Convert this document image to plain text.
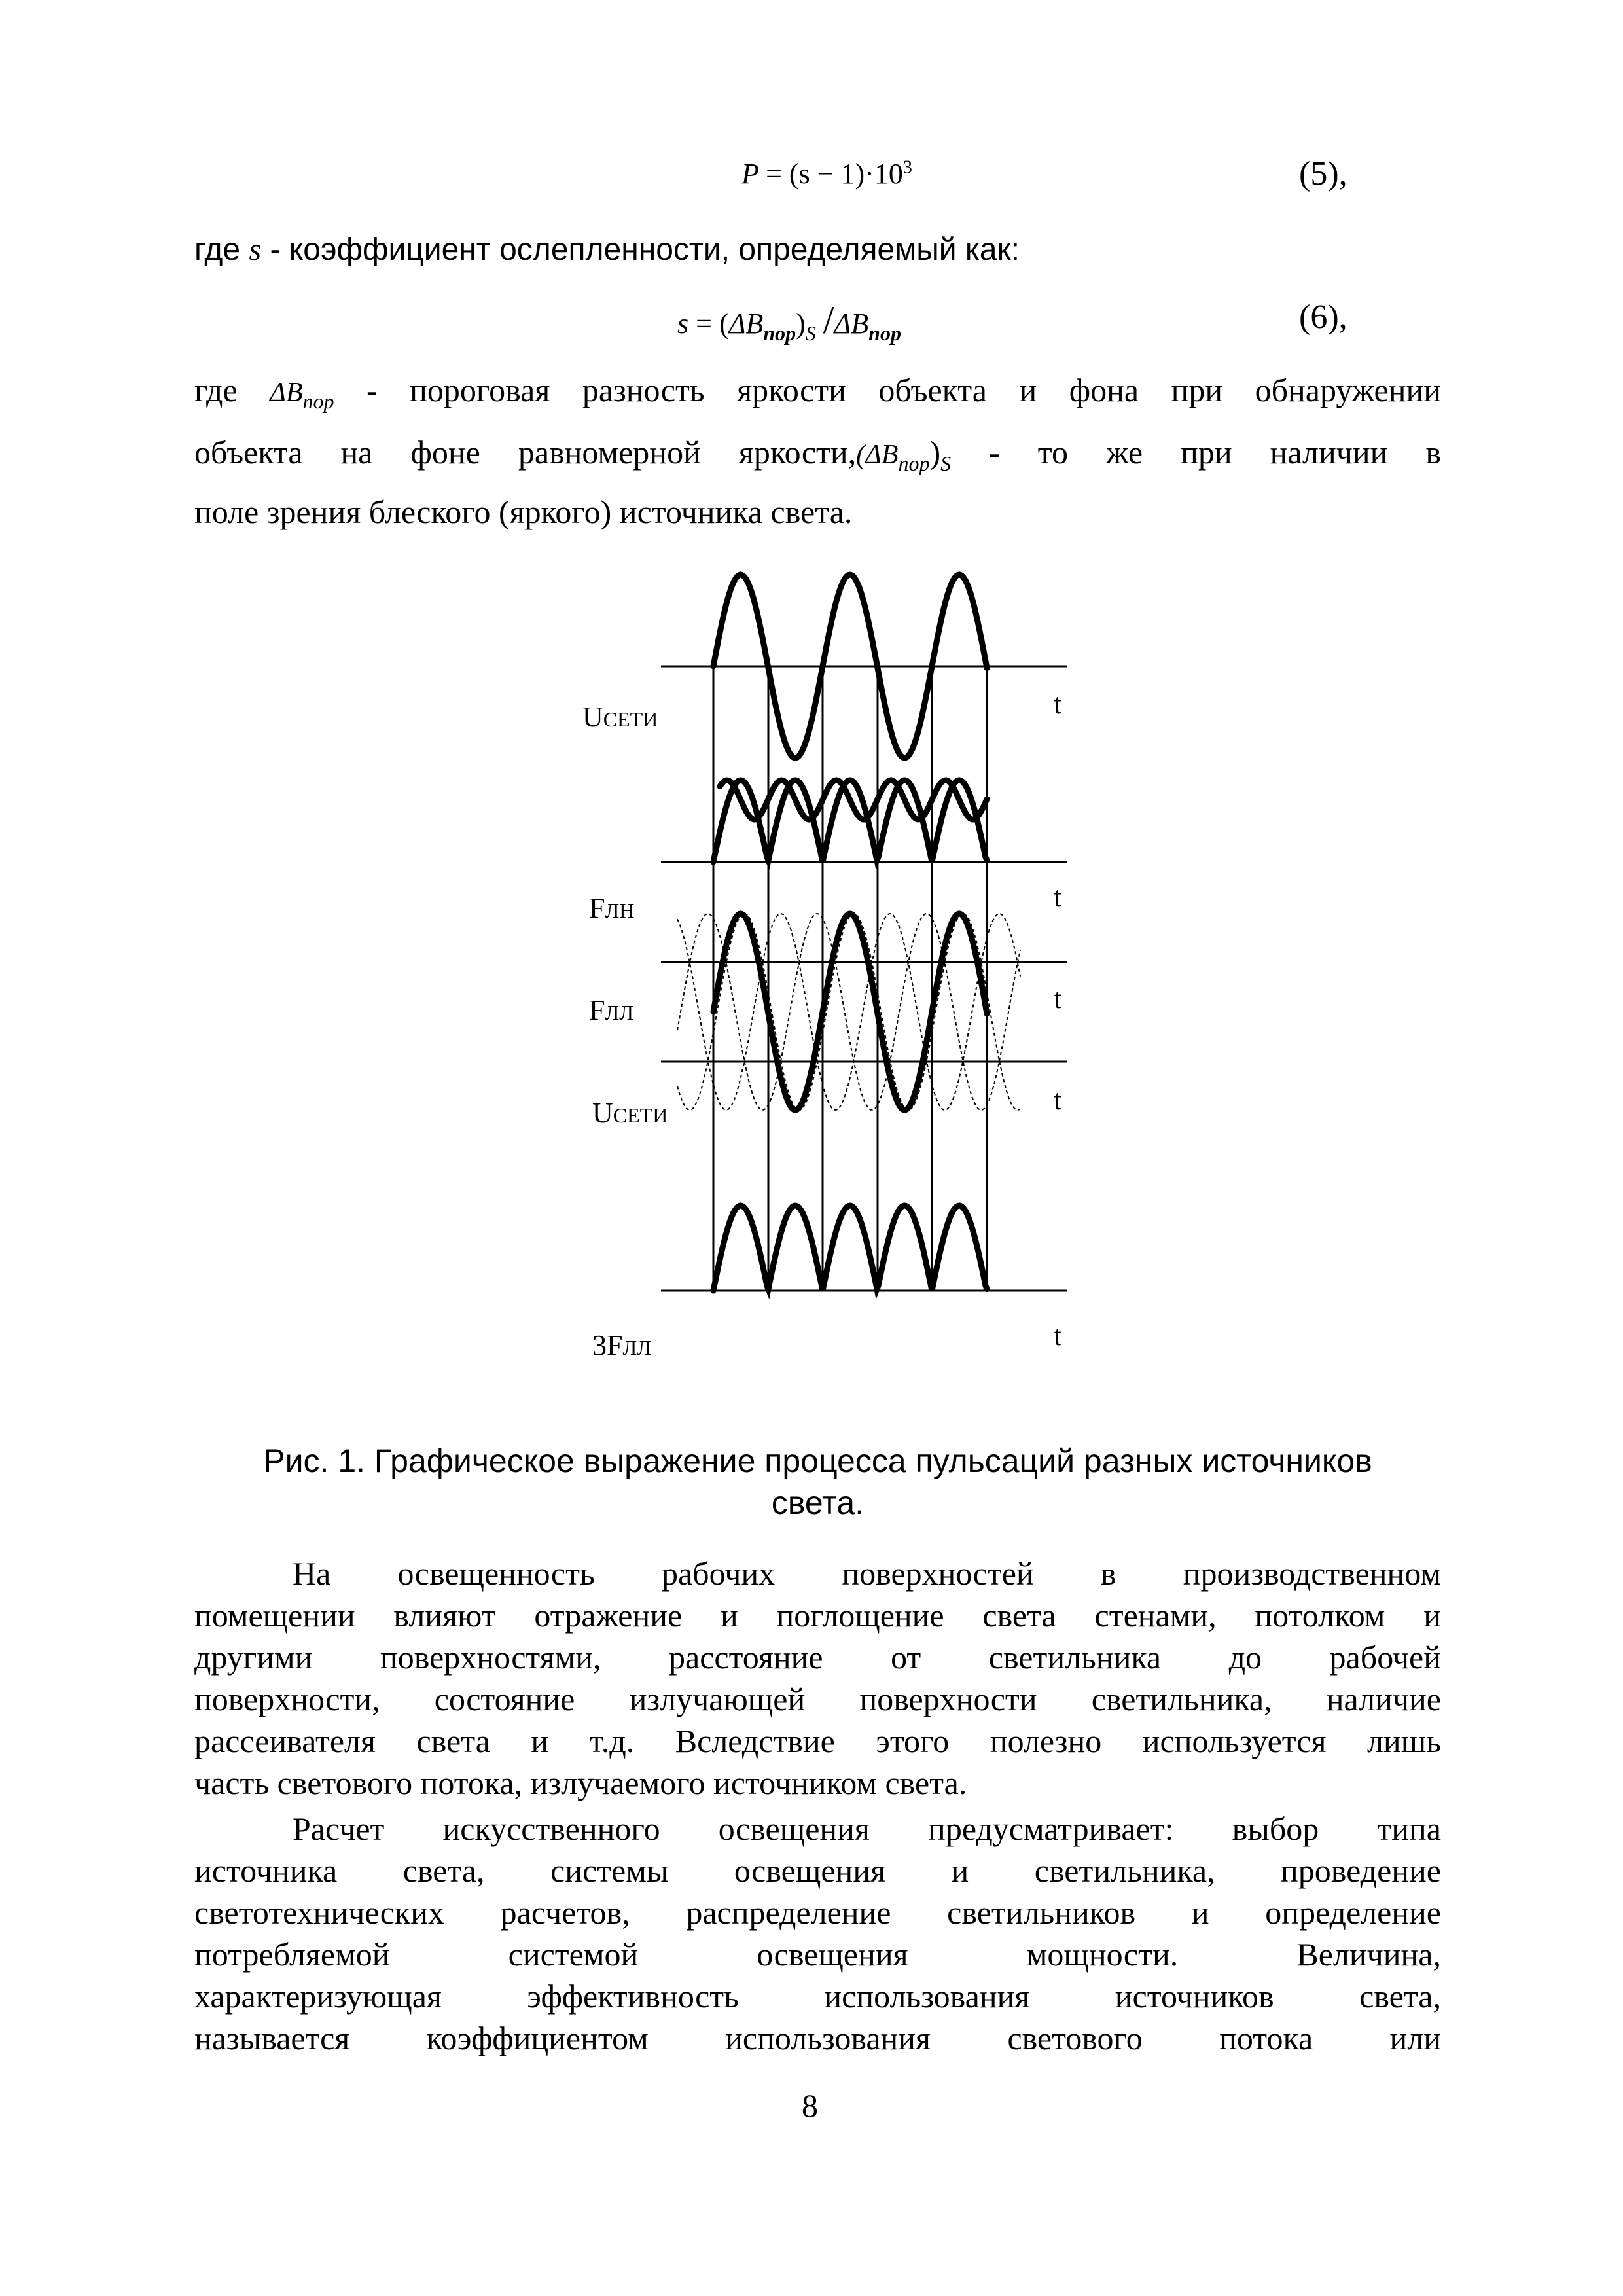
$P = (s - 1)\cdot 10^3$	(5),
где s - коэффициент ослепленности, определяемый как:
$s = (\Delta B_{пор})_S$ $/\Delta B_{пор}$	(6),
где $\Delta B_{пор}$ - пороговая разность яркости объекта и фона при обнаружении
объекта на фоне равномерной $яркости,(\Delta B_{пор})_S$ - то же при наличии в
поле зрения блеского (яркого) источника света.
UСЕТИ
FЛН
FЛЛ
UСЕТИ
3FЛЛ
t
t
t
t
t
Рис. 1. Графическое выражение процесса пульсаций разных источников
света.
На освещенность рабочих поверхностей в производственном
помещении влияют отражение и поглощение света стенами, потолком и
другими поверхностями, расстояние от светильника до рабочей
поверхности, состояние излучающей поверхности светильника, наличие
рассеивателя света и т.д. Вследствие этого полезно используется лишь
часть светового потока, излучаемого источником света.
Расчет искусственного освещения предусматривает: выбор типа
источника света, системы освещения и светильника, проведение
светотехнических расчетов, распределение светильников и определение
потребляемой системой освещения мощности. Величина,
характеризующая эффективность использования источников света,
называется коэффициентом использования светового потока или
8
